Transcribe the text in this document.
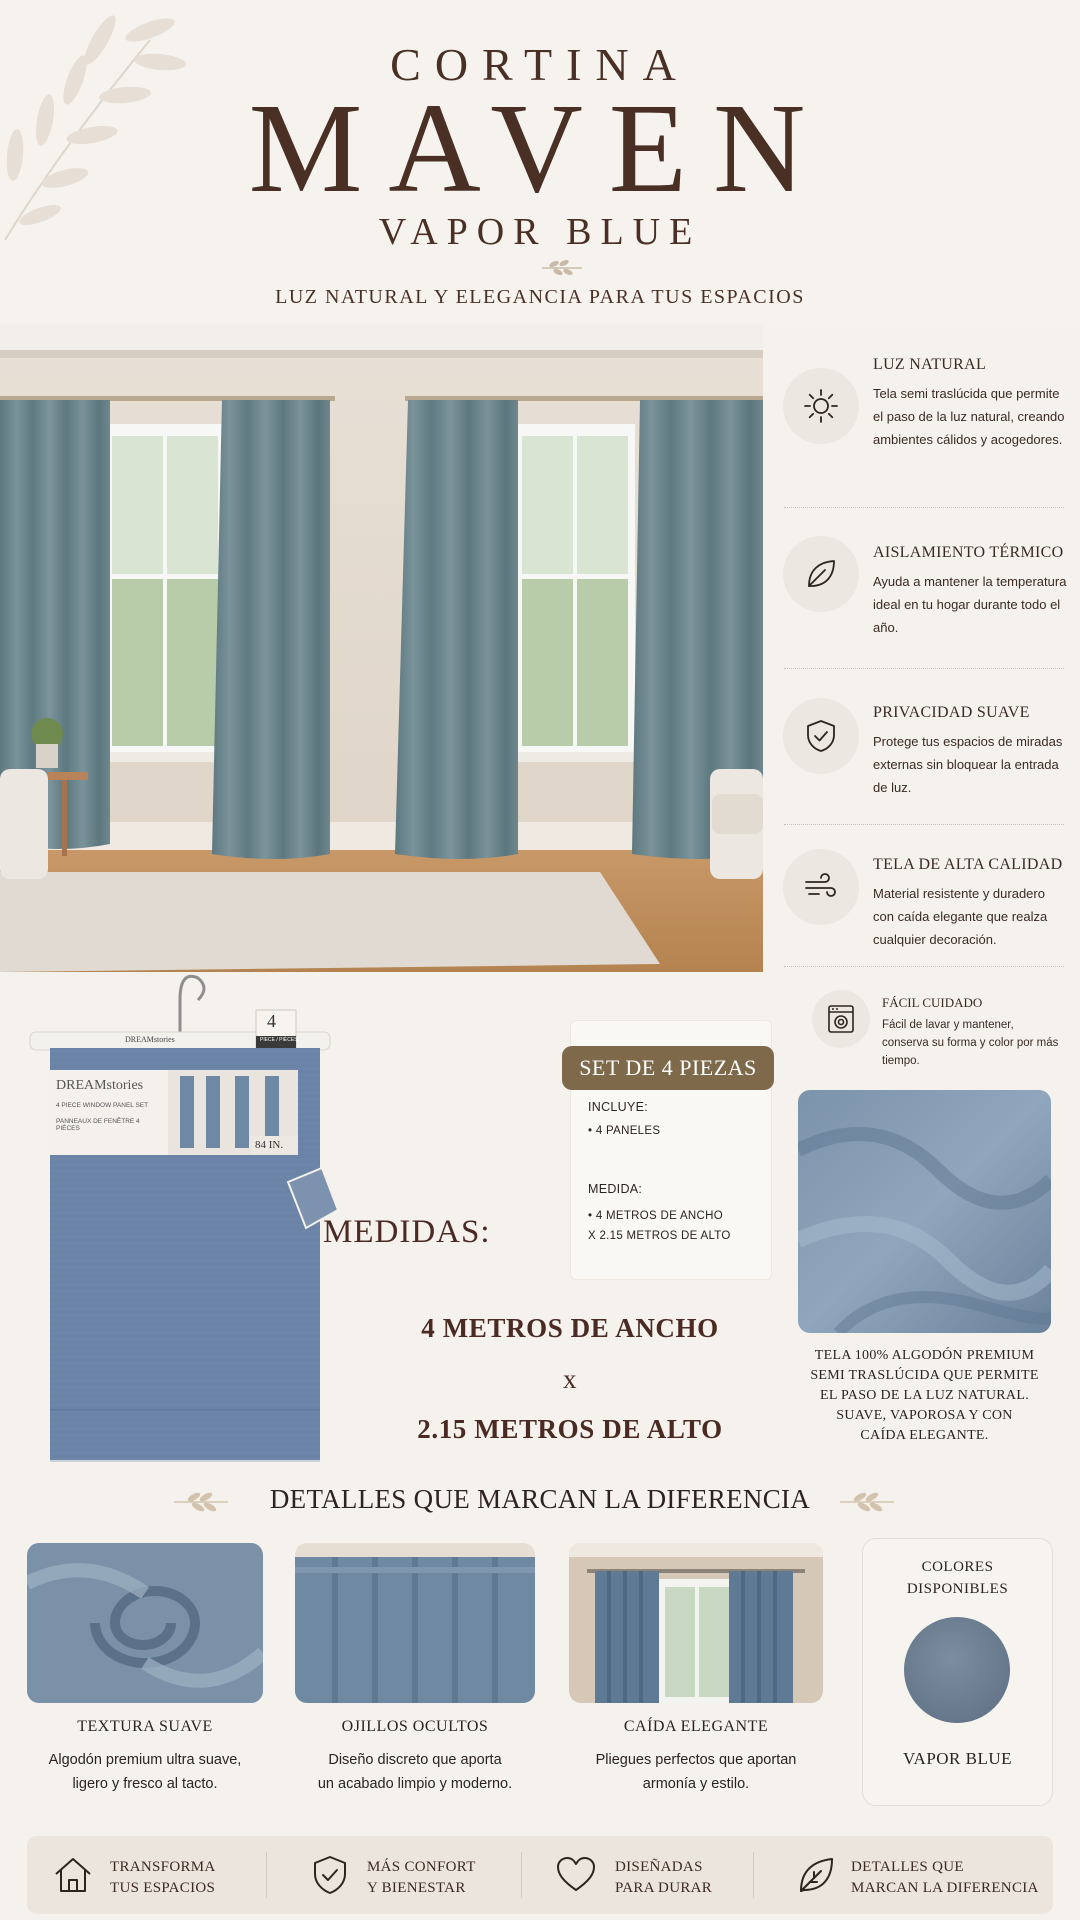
CORTINA
MAVEN
VAPOR BLUE
LUZ NATURAL Y ELEGANCIA PARA TUS ESPACIOS
LUZ NATURAL
Tela semi traslúcida que permite el paso de la luz natural, creando ambientes cálidos y acogedores.
AISLAMIENTO TÉRMICO
Ayuda a mantener la temperatura ideal en tu hogar durante todo el año.
PRIVACIDAD SUAVE
Protege tus espacios de miradas externas sin bloquear la entrada de luz.
TELA DE ALTA CALIDAD
Material resistente y duradero con caída elegante que realza cualquier decoración.
DREAMstories
4
PIECE / PIÈCES
DREAMstories
4 PIECE WINDOW PANEL SET
PANNEAUX DE FENÊTRE 4 PIÈCES
84 IN.
MEDIDAS:
4 METROS DE ANCHO
x
2.15 METROS DE ALTO
SET DE 4 PIEZAS
INCLUYE:
• 4 PANELES
MEDIDA:
• 4 METROS DE ANCHO
X 2.15 METROS DE ALTO
FÁCIL CUIDADO
Fácil de lavar y mantener, conserva su forma y color por más tiempo.
TELA 100% ALGODÓN PREMIUM
SEMI TRASLÚCIDA QUE PERMITE
EL PASO DE LA LUZ NATURAL.
SUAVE, VAPOROSA Y CON
CAÍDA ELEGANTE.
DETALLES QUE MARCAN LA DIFERENCIA
TEXTURA SUAVE
Algodón premium ultra suave,
ligero y fresco al tacto.
OJILLOS OCULTOS
Diseño discreto que aporta
un acabado limpio y moderno.
CAÍDA ELEGANTE
Pliegues perfectos que aportan
armonía y estilo.
COLORES
DISPONIBLES
VAPOR BLUE
TRANSFORMA
TUS ESPACIOS
MÁS CONFORT
Y BIENESTAR
DISEÑADAS
PARA DURAR
DETALLES QUE
MARCAN LA DIFERENCIA
